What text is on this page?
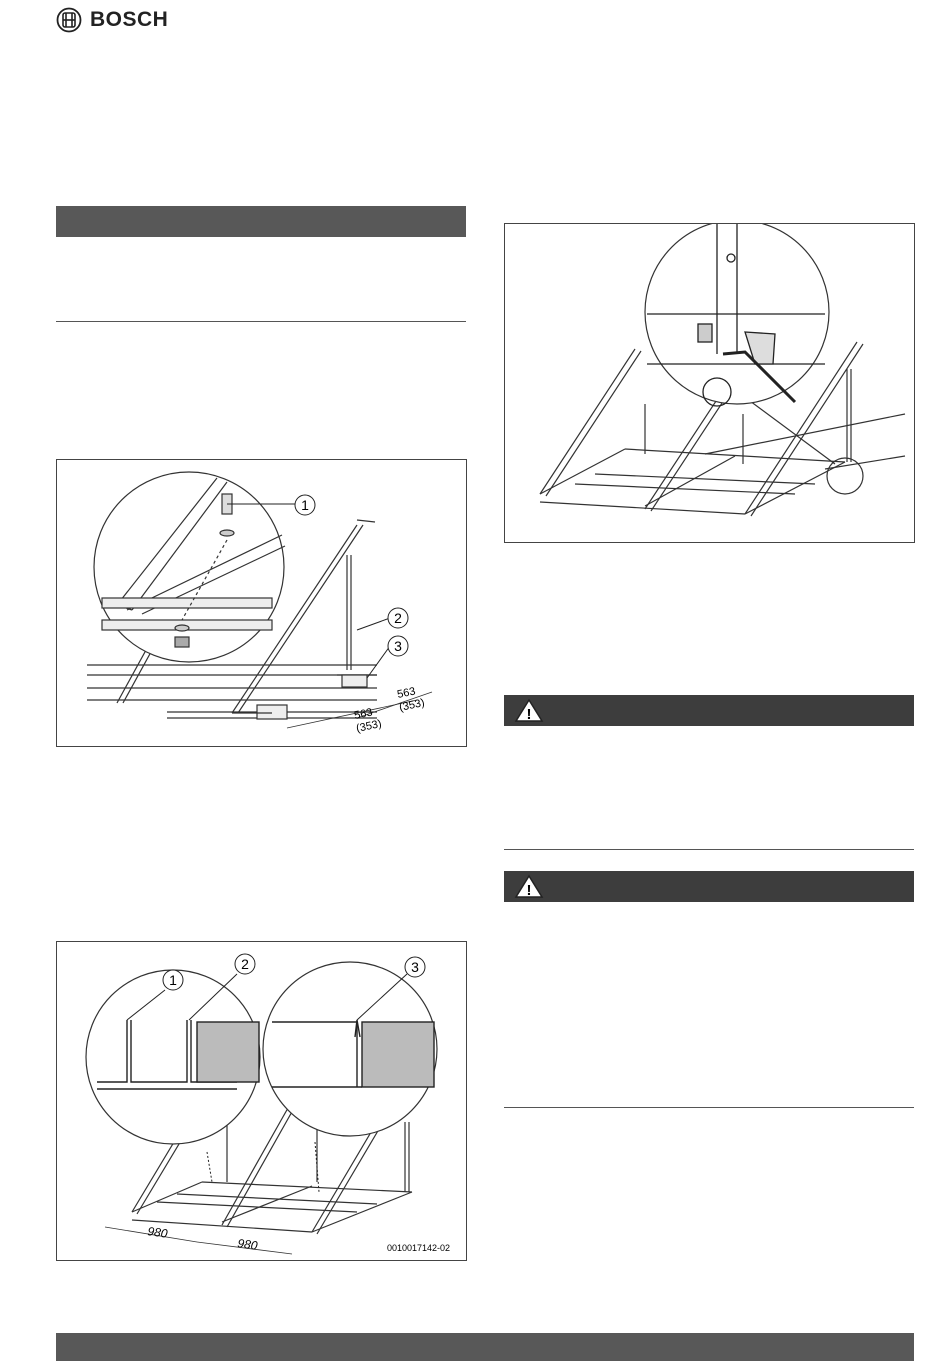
BOSCH
1
2
3
563
(353)
563
(353)
1
2	3
980
980	0010017142-02
!
!
